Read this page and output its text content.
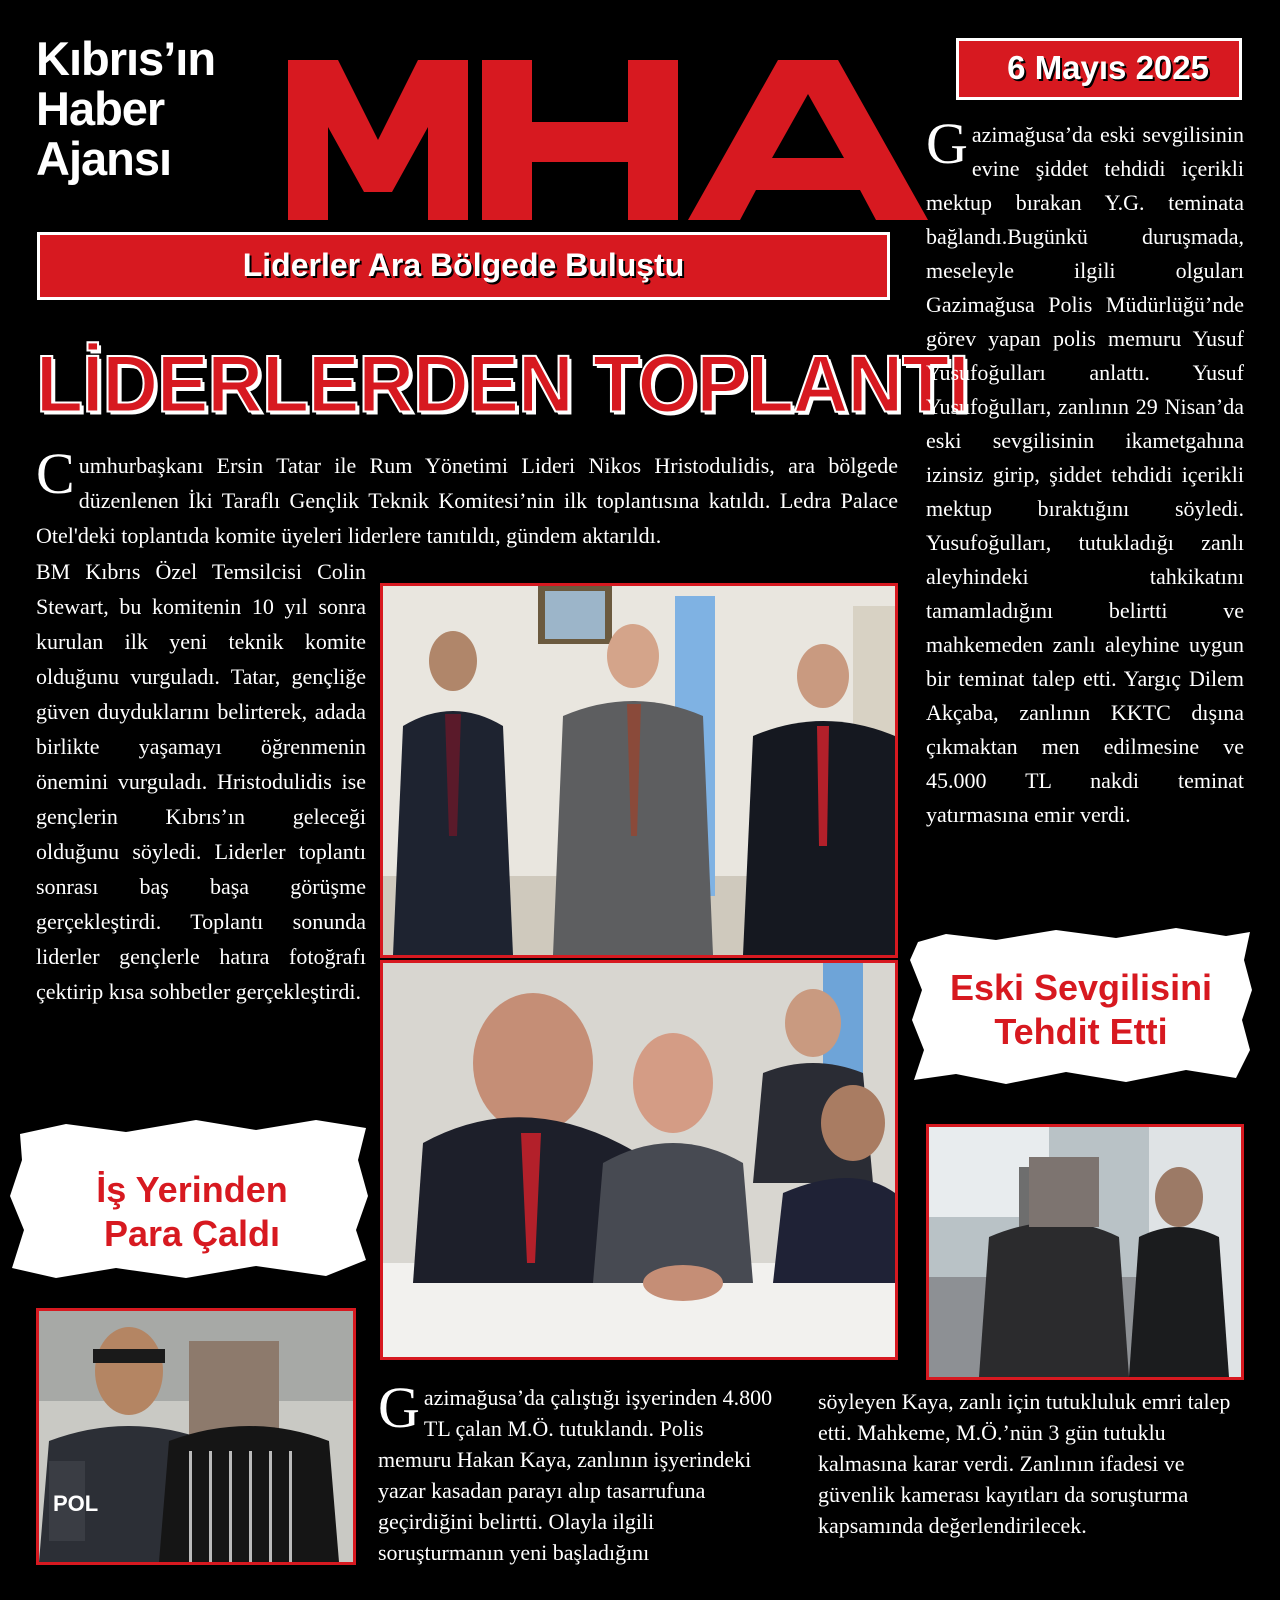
Kıbrıs’ın
Haber
Ajansı
MHA
6 Mayıs 2025
Liderler Ara Bölgede Buluştu
LİDERLERDEN TOPLANTI
C umhurbaşkanı Ersin Tatar ile Rum Yönetimi Lideri Nikos Hristodulidis, ara bölgede düzenlenen İki Taraflı Gençlik Teknik Komitesi’nin ilk toplantısına katıldı. Ledra Palace Otel'deki toplantıda komite üyeleri liderlere tanıtıldı, gündem aktarıldı.
BM Kıbrıs Özel Temsilcisi Colin Stewart, bu komitenin 10 yıl sonra kurulan ilk yeni teknik komite olduğunu vurguladı. Tatar, gençliğe güven duyduklarını belirterek, adada birlikte yaşamayı öğrenmenin önemini vurguladı. Hristodulidis ise gençlerin Kıbrıs’ın geleceği olduğunu söyledi. Liderler toplantı sonrası baş başa görüşme gerçekleştirdi. Toplantı sonunda liderler gençlerle hatıra fotoğrafı çektirip kısa sohbetler gerçekleştirdi.
G azimağusa’da eski sevgilisinin evine şiddet tehdidi içerikli mektup bırakan Y.G. teminata bağlandı.Bugünkü duruşmada, meseleyle ilgili olguları Gazimağusa Polis Müdürlüğü’nde görev yapan polis memuru Yusuf Yusufoğulları anlattı. Yusuf Yusufoğulları, zanlının 29 Nisan’da eski sevgilisinin ikametgahına izinsiz girip, şiddet tehdidi içerikli mektup bıraktığını söyledi. Yusufoğulları, tutukladığı zanlı aleyhindeki tahkikatını tamamladığını belirtti ve mahkemeden zanlı aleyhine uygun bir teminat talep etti. Yargıç Dilem Akçaba, zanlının KKTC dışına çıkmaktan men edilmesine ve 45.000 TL nakdi teminat yatırmasına emir verdi.
Eski Sevgilisini
Tehdit Etti
İş Yerinden
Para Çaldı
POL
G azimağusa’da çalıştığı işyerinden 4.800 TL çalan M.Ö. tutuklandı. Polis memuru Hakan Kaya, zanlının işyerindeki yazar kasadan parayı alıp tasarrufuna geçirdiğini belirtti. Olayla ilgili soruşturmanın yeni başladığını
söyleyen Kaya, zanlı için tutukluluk emri talep etti. Mahkeme, M.Ö.’nün 3 gün tutuklu kalmasına karar verdi. Zanlının ifadesi ve güvenlik kamerası kayıtları da soruşturma kapsamında değerlendirilecek.
